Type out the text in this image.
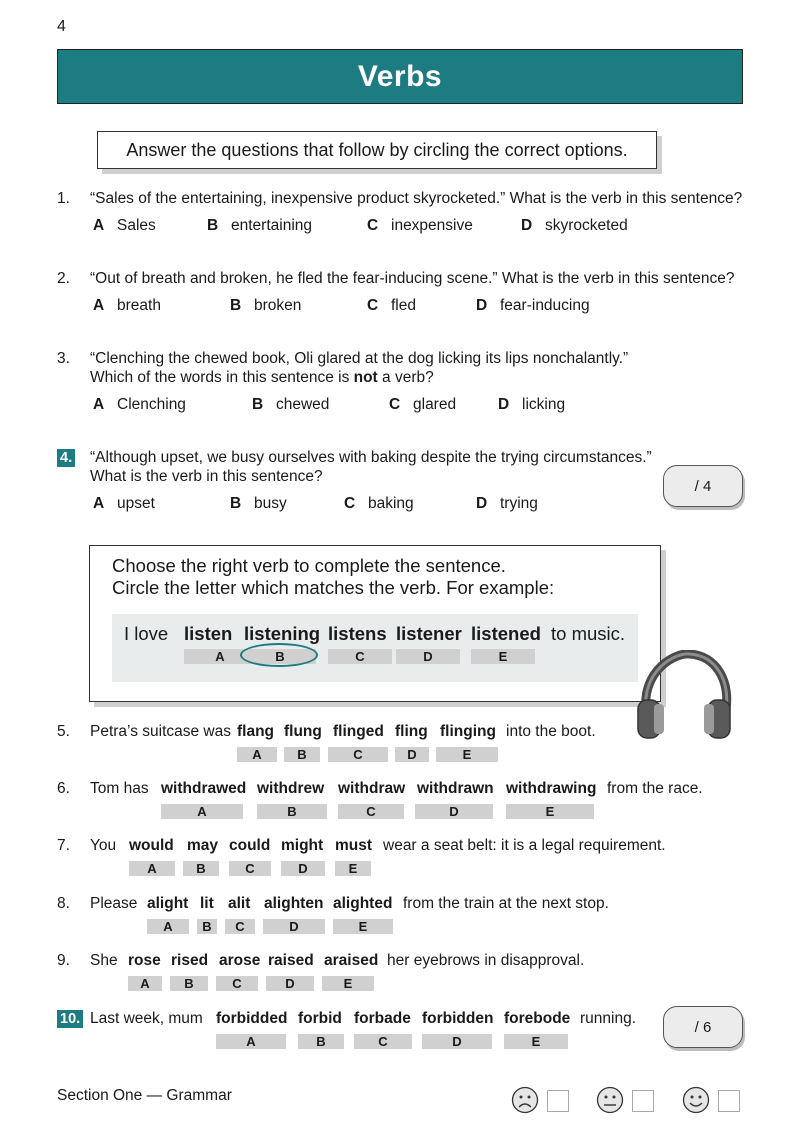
4
Verbs
Answer the questions that follow by circling the correct options.
1.	“Sales of the entertaining, inexpensive product skyrocketed.” What is the verb in this sentence?
A Sales	B entertaining	C inexpensive	D skyrocketed
2.	“Out of breath and broken, he fled the fear-inducing scene.” What is the verb in this sentence?
A breath	B broken	C fled	D fear-inducing
3.	“Clenching the chewed book, Oli glared at the dog licking its lips nonchalantly.”
Which of the words in this sentence is not a verb?
A Clenching	B chewed	C glared	D licking
4. “Although upset, we busy ourselves with baking despite the trying circumstances.”
What is the verb in this sentence?
A upset	B busy	C baking	D trying
/ 4
Choose the right verb to complete the sentence.
Circle the letter which matches the verb. For example:
I love listen listening listens listener listened to music.
A	B	C	D	E
5. Petra’s suitcase was flang flung flinged fling flinging into the boot.
A	B	C	D	E
6. Tom has withdrawed withdrew withdraw withdrawn withdrawing from the race.
A	B	C	D	E
7. You would may could might must wear a seat belt: it is a legal requirement.
A	B	C	D	E
8. Please alight lit alit alighten alighted from the train at the next stop.
A	B	C	D	E
9. She rose rised arose raised araised her eyebrows in disapproval.
A	B	C	D	E
10. Last week, mum forbidded forbid forbade forbidden forebode running.
A	B	C	D	E
/ 6
Section One — Grammar
